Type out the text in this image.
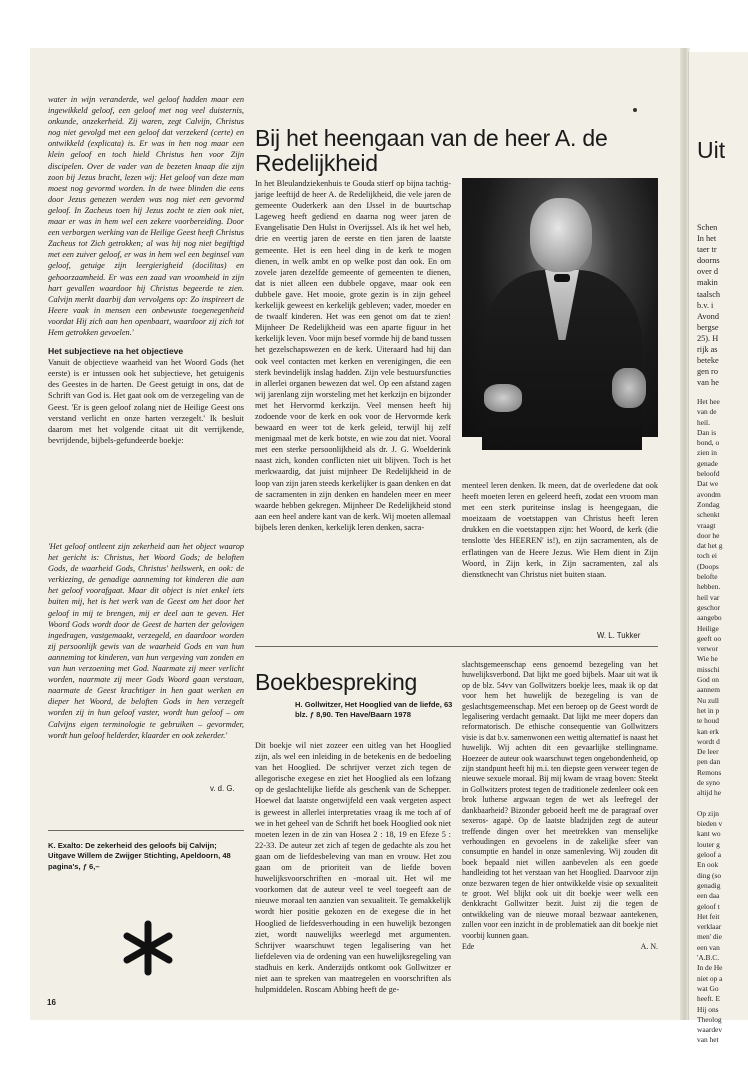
Uit
Schen
In het
taer tr
doorns
over d
makin
taalsch
b.v. i
Avond
bergse
25). H
rijk as
beteke
gen ro
van he
Het hee
van de
heil.
Dan is
bond, o
zien in
genade
beloofd
Dat we
avondm
Zondag
schenkt
vraagt
door he
dat het g
toch ei
(Doops
belofte
hebben.
heil var
geschor
aangebo
Heilige
geeft oo
verwor
Wie he
misschi
God on
aannem
Nu zull
het in p
te houd
kan erk
wordt d
De leer
pen dan
Remons
de syno
altijd he

Op zijn
bieden v
kant wo
louter g
geloof a
En ook
ding (so
genadig
een daa
geloof t
Het feit
verklaar
men' die
een van
'A.B.C.
In de He
niet op a
wat Go
heeft. E
Hij ons
Theolog
waardev
van het

water in wijn veranderde, wel geloof hadden maar een ingewikkeld geloof, een geloof met nog veel duisternis, onkunde, onzekerheid. Zij waren, zegt Calvijn, Christus nog niet gevolgd met een geloof dat verzekerd (certe) en ontwikkeld (explicata) is. Er was in hen nog maar een klein geloof en toch hield Christus hen voor Zijn discipelen. Over de vader van de bezeten knaap die zijn zoon bij Jezus bracht, lezen wij: Het geloof van deze man moest nog gevormd worden. In de twee blinden die eens door Jezus genezen werden was nog niet een gevormd geloof. In Zacheus toen hij Jezus zocht te zien ook niet, maar er was in hem wel een zekere voorbereiding. Door een verborgen werking van de Heilige Geest heeft Christus Zacheus tot Zich getrokken; al was hij nog niet begiftigd met een zuiver geloof, er was in hem wel een beginsel van geloof, getuige zijn leergierigheid (docilitas) en gehoorzaamheid. Er was een zaad van vroomheid in zijn hart gevallen waardoor hij Christus begeerde te zien. Calvijn merkt daarbij dan vervolgens op: Zo inspireert de Heere vaak in mensen een onbewuste toegenegenheid voordat Hij zich aan hen openbaart, waardoor zij zich tot Hem getrokken gevoelen.'

Het subjectieve na het objectieve

Vanuit de objectieve waarheid van het Woord Gods (het eerste) is er intussen ook het subjectieve, het getuigenis des Geestes in de harten. De Geest getuigt in ons, dat de Schrift van God is. Het gaat ook om de verzegeling van de Geest. 'Er is geen geloof zolang niet de Heilige Geest ons verstand verlicht en onze harten verzegelt.' Ik besluit daarom met het volgende citaat uit dit verrijkende, bevrijdende, bijbels-gefundeerde boekje:

'Het geloof ontleent zijn zekerheid aan het object waarop het gericht is: Christus, het Woord Gods; de beloften Gods, de waarheid Gods, Christus' heilswerk, en ook: de verkiezing, de genadige aanneming tot kinderen die aan het geloof voorafgaat. Maar dit object is niet enkel iets buiten mij, het is het werk van de Geest om het door het geloof in mij te brengen, mij er deel aan te geven. Het Woord Gods wordt door de Geest de harten der gelovigen ingedragen, vastgemaakt, verzegeld, en daardoor worden zij persoonlijk gewis van de waarheid Gods en van hun aanneming tot kinderen, van hun vergeving van zonden en van hun verzoening met God. Naarmate zij meer verlicht worden, naarmate zij meer Gods Woord gaan verstaan, naarmate de Geest krachtiger in hen gaat werken en dieper het Woord, de beloften Gods in hen verzegelt worden zij in hun geloof vaster, wordt hun geloof – om Calvijns eigen terminologie te gebruiken – gevormder, wordt hun geloof helderder, klaarder en ook zekerder.'

v. d. G.
K. Exalto: De zekerheid des geloofs bij Calvijn; Uitgave Willem de Zwijger Stichting, Apeldoorn, 48 pagina's, ƒ 6,–
Bij het heengaan van de heer A. de Redelijkheid

In het Bleulandziekenhuis te Gouda stierf op bijna tachtig-jarige leeftijd de heer A. de Redelijkheid, die vele jaren de gemeente Ouderkerk aan den IJssel in de buurtschap Lageweg heeft gediend en daarna nog weer jaren de Evangelisatie Den Hulst in Overijssel. Als ik het wel heb, drie en veertig jaren de eerste en tien jaren de laatste gemeente. Het is een heel ding in de kerk te mogen dienen, in welk ambt en op welke post dan ook. En om zovele jaren dezelfde gemeente of gemeenten te dienen, dat is niet alleen een dubbele opgave, maar ook een dubbele gave. Het mooie, grote gezin is in zijn geheel kerkelijk geweest en kerkelijk gebleven; vader, moeder en de twaalf kinderen. Het was een genot om dat te zien! Mijnheer De Redelijkheid was een aparte figuur in het kerkelijk leven. Voor mijn besef vormde hij de band tussen het gezelschapswezen en de kerk. Uiteraard had hij dan ook veel contacten met kerken en verenigingen, die een sterk bevindelijk inslag hadden. Zijn vele bestuursfuncties in allerlei organen bewezen dat wel. Op een afstand zagen wij jarenlang zijn worsteling met het kerkzijn en bijzonder met het Hervormd kerkzijn. Veel mensen heeft hij zodoende voor de kerk en ook voor de Hervormde kerk bewaard en weer tot de kerk geleid, terwijl hij zelf menigmaal met de kerk botste, en wie zou dat niet. Vooral met een sterke persoonlijkheid als dr. J. G. Woelderink naast zich, konden conflicten niet uit blijven. Toch is het merkwaardig, dat juist mijnheer De Redelijkheid in de loop van zijn jaren steeds kerkelijker is gaan denken en dat de sacramenten in zijn denken en handelen meer en meer waarde hebben gekregen. Mijnheer De Redelijkheid stond aan een heel andere kant van de kerk. Wij moeten allemaal bijbels leren denken, kerkelijk leren denken, sacra-

menteel leren denken. Ik meen, dat de overledene dat ook heeft moeten leren en geleerd heeft, zodat een vroom man met een sterk puriteinse inslag is heengegaan, die moeizaam de voetstappen van Christus heeft leren drukken en die voetstappen zijn: het Woord, de kerk (die tenslotte 'des HEEREN' is!), en zijn sacramenten, als de erflatingen van de Heere Jezus. Wie Hem dient in Zijn Woord, in Zijn kerk, in Zijn sacramenten, zal als dienstknecht van Christus niet buiten staan.

W. L. Tukker
Boekbespreking
H. Gollwitzer, Het Hooglied van de liefde, 63 blz. ƒ 8,90. Ten Have/Baarn 1978

Dit boekje wil niet zozeer een uitleg van het Hooglied zijn, als wel een inleiding in de betekenis en de bedoeling van het Hooglied. De schrijver verzet zich tegen de allegorische exegese en ziet het Hooglied als een lofzang op de geslachtelijke liefde als geschenk van de Schepper. Hoewel dat laatste ongetwijfeld een vaak vergeten aspect is geweest in allerlei interpretaties vraag ik me toch af of we in het geheel van de Schrift het boek Hooglied ook niet moeten lezen in de zin van Hosea 2 : 18, 19 en Efeze 5 : 22-33. De auteur zet zich af tegen de gedachte als zou het gaan om de liefdesbeleving van man en vrouw. Het zou gaan om de prioriteit van de liefde boven huwelijksvoorschriften en -moraal uit. Het wil me voorkomen dat de auteur veel te veel toegeeft aan de nieuwe moraal ten aanzien van sexualiteit. Te gemakkelijk wordt hier positie gekozen en de exegese die in het Hooglied de liefdesverhouding in een huwelijk bezongen ziet, wordt nauwelijks weerlegd met argumenten. Schrijver waarschuwt tegen legalisering van het liefdeleven via de ordening van een huwelijksregeling van stadhuis en kerk. Anderzijds ontkomt ook Gollwitzer er niet aan te spreken van maatregelen en voorschriften als hulpmiddelen. Roscam Abbing heeft de ge-

slachtsgemeenschap eens genoemd bezegeling van het huwelijksverbond. Dat lijkt me goed bijbels. Maar uit wat ik op de blz. 54vv van Gollwitzers boekje lees, maak ik op dat voor hem het huwelijk de bezegeling is van de geslachtsgemeenschap. Met een beroep op de Geest wordt de legalisering verdacht gemaakt. Dat lijkt me meer dopers dan reformatorisch. De ethische consequentie van Gollwitzers visie is dat b.v. samenwonen een wettig alternatief is naast het huwelijk. Wij achten dit een gevaarlijke stellingname. Hoezeer de auteur ook waarschuwt tegen ongebondenheid, op zijn standpunt heeft hij m.i. ten diepste geen verweer tegen de nieuwe sexuele moraal. Bij mij kwam de vraag boven: Steekt in Gollwitzers protest tegen de traditionele zedenleer ook een brok lutherse argwaan tegen de wet als leefregel der dankbaarheid? Bizonder geboeid heeft me de paragraaf over sexeros- agapè. Op de laatste bladzijden zegt de auteur treffende dingen over het meetrekken van menselijke verhoudingen en gevoelens in de zakelijke sfeer van consumptie en handel in onze samenleving. Wij zouden dit boek bepaald niet willen aanbevelen als een goede handleiding tot het verstaan van het Hooglied. Daarvoor zijn onze bezwaren tegen de hier ontwikkelde visie op sexualiteit te groot. Wel blijkt ook uit dit boekje weer welk een denkkracht Gollwitzer bezit. Juist zij die tegen de ontwikkeling van de nieuwe moraal bezwaar aantekenen, zullen voor een inzicht in de problematiek aan dit boekje niet voorbij kunnen gaan.

Ede	A. N.

16
